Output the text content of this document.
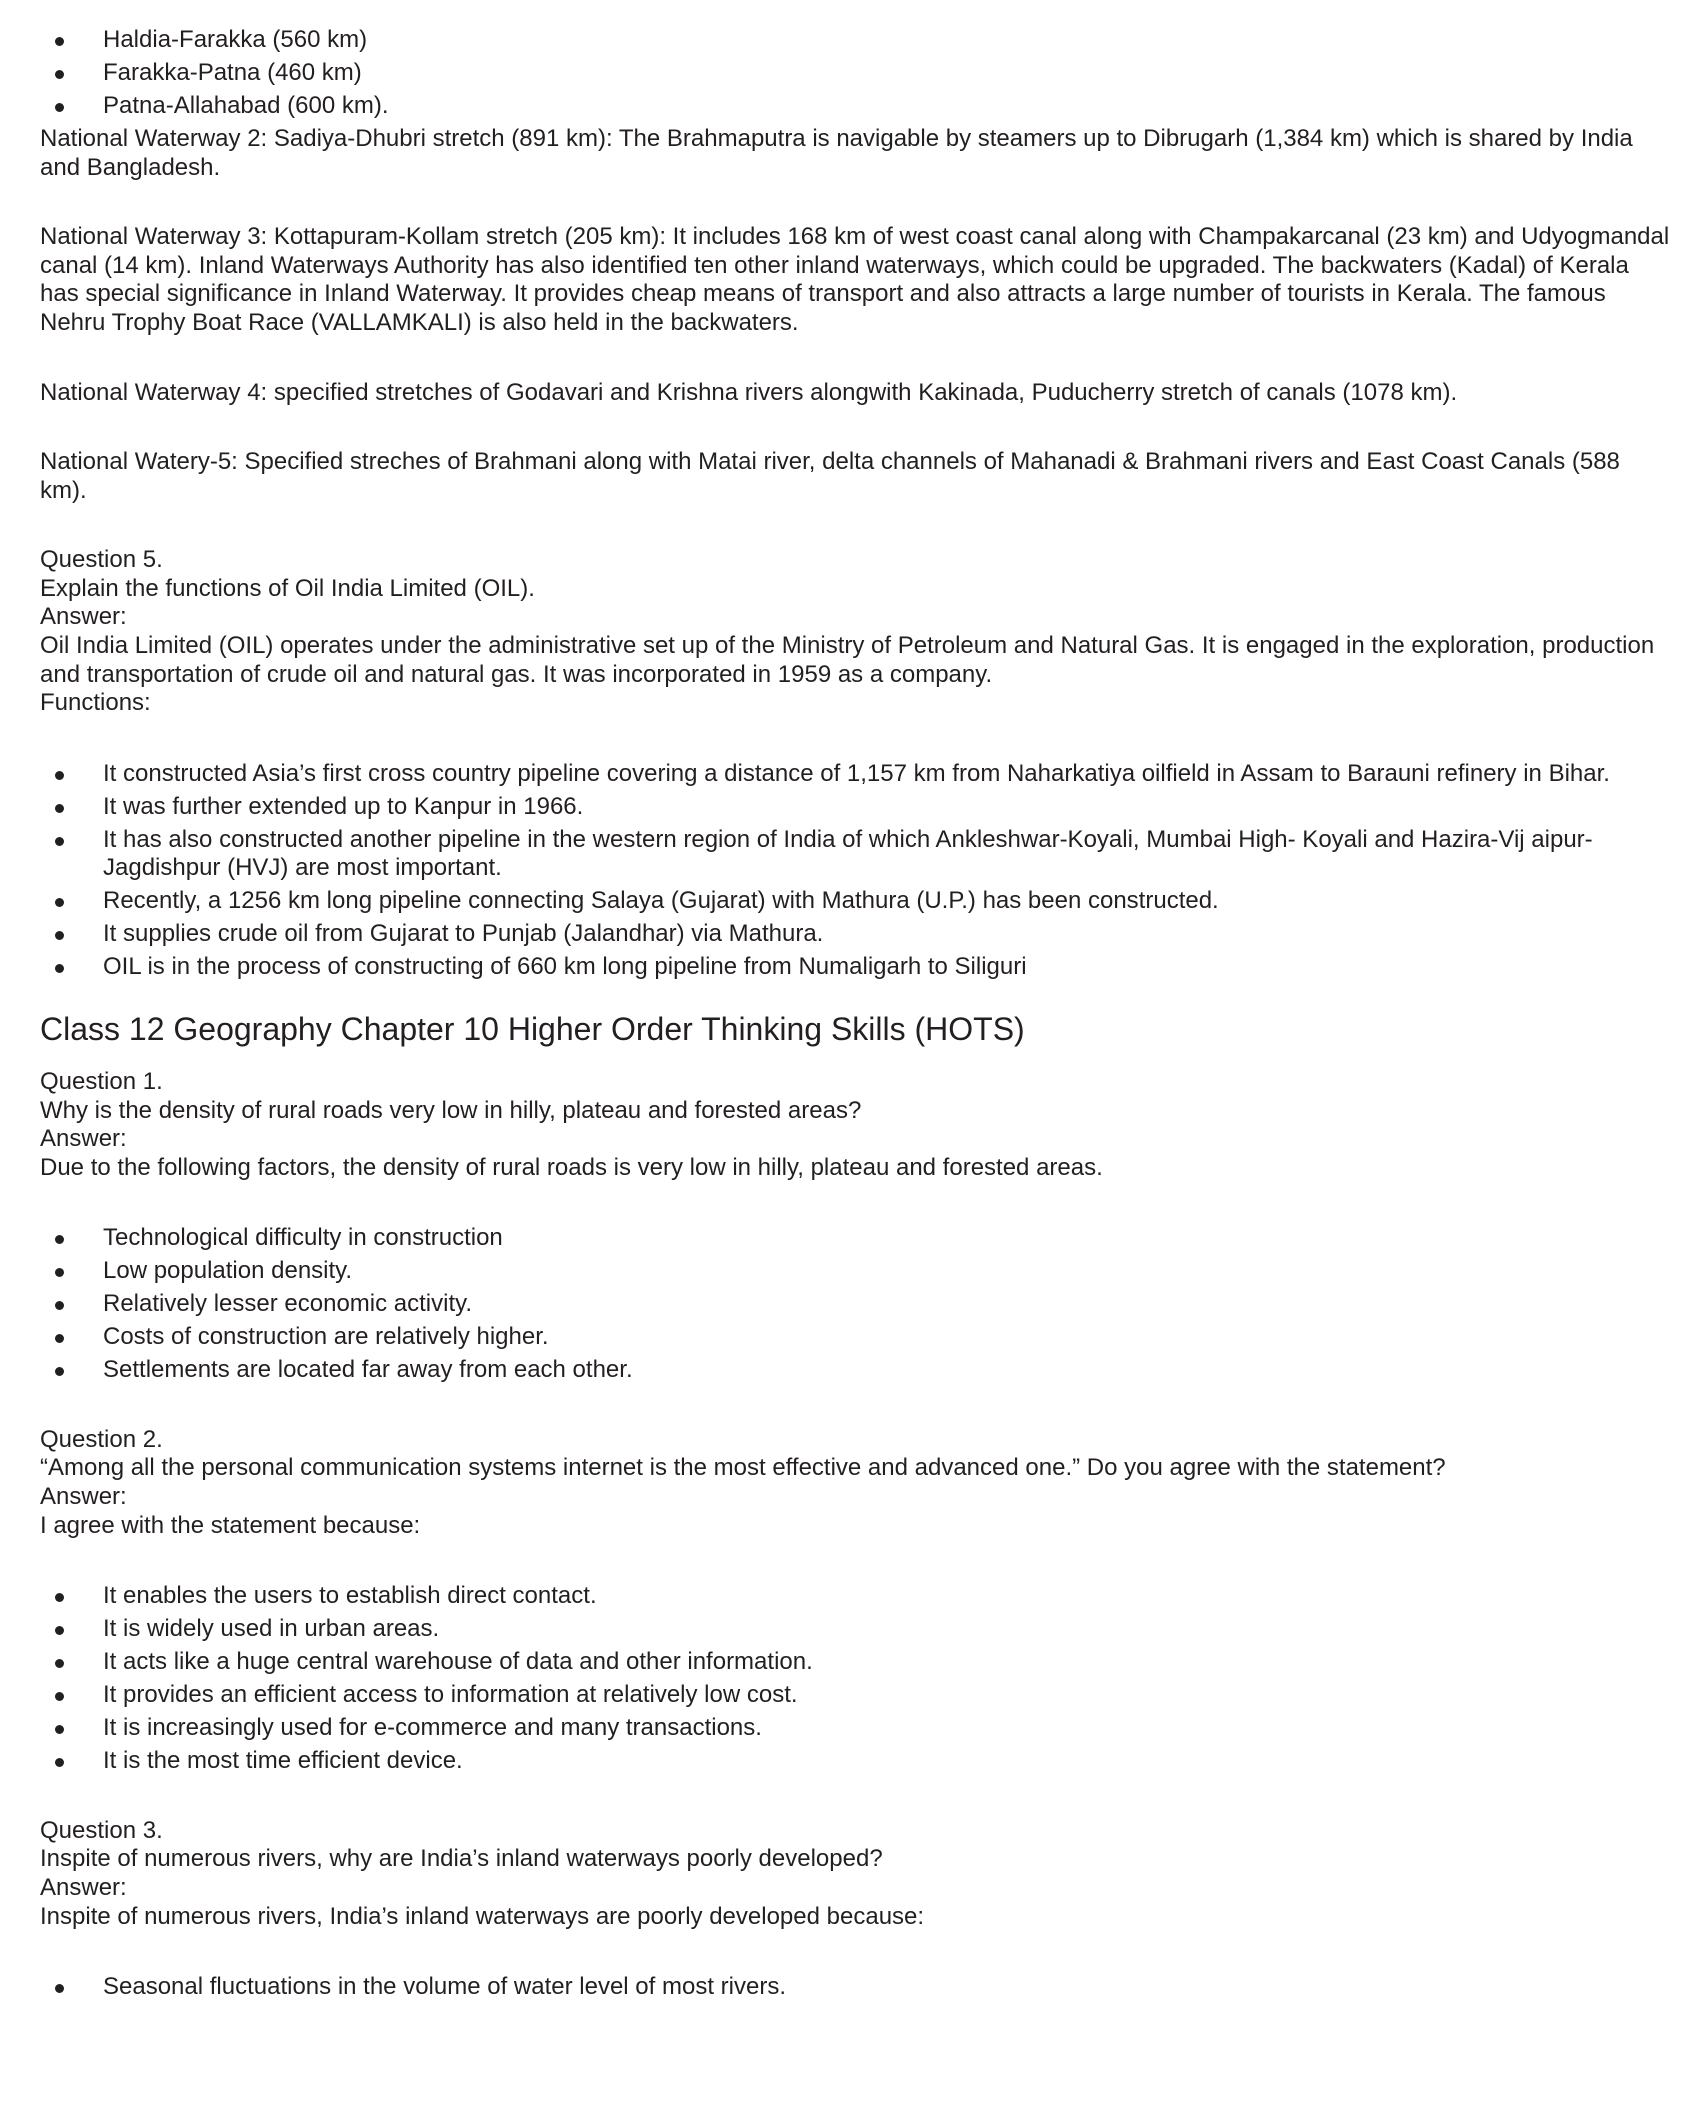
Haldia-Farakka (560 km)
Farakka-Patna (460 km)
Patna-Allahabad (600 km).

National Waterway 2: Sadiya-Dhubri stretch (891 km): The Brahmaputra is navigable by steamers up to Dibrugarh (1,384 km) which is shared by India and Bangladesh.

National Waterway 3: Kottapuram-Kollam stretch (205 km): It includes 168 km of west coast canal along with Champakarcanal (23 km) and Udyogmandal canal (14 km). Inland Waterways Authority has also identified ten other inland waterways, which could be upgraded. The backwaters (Kadal) of Kerala has special significance in Inland Waterway. It provides cheap means of transport and also attracts a large number of tourists in Kerala. The famous Nehru Trophy Boat Race (VALLAMKALI) is also held in the backwaters.

National Waterway 4: specified stretches of Godavari and Krishna rivers alongwith Kakinada, Puducherry stretch of canals (1078 km).

National Watery-5: Specified streches of Brahmani along with Matai river, delta channels of Mahanadi & Brahmani rivers and East Coast Canals (588 km).

Question 5.

Explain the functions of Oil India Limited (OIL).

Answer:

Oil India Limited (OIL) operates under the administrative set up of the Ministry of Petroleum and Natural Gas. It is engaged in the exploration, production and transportation of crude oil and natural gas. It was incorporated in 1959 as a company.

Functions:

It constructed Asia’s first cross country pipeline covering a distance of 1,157 km from Naharkatiya oilfield in Assam to Barauni refinery in Bihar.
It was further extended up to Kanpur in 1966.
It has also constructed another pipeline in the western region of India of which Ankleshwar-Koyali, Mumbai High- Koyali and Hazira-Vij aipur-Jagdishpur (HVJ) are most important.
Recently, a 1256 km long pipeline connecting Salaya (Gujarat) with Mathura (U.P.) has been constructed.
It supplies crude oil from Gujarat to Punjab (Jalandhar) via Mathura.
OIL is in the process of constructing of 660 km long pipeline from Numaligarh to Siliguri
Class 12 Geography Chapter 10 Higher Order Thinking Skills (HOTS)

Question 1.

Why is the density of rural roads very low in hilly, plateau and forested areas?

Answer:

Due to the following factors, the density of rural roads is very low in hilly, plateau and forested areas.

Technological difficulty in construction
Low population density.
Relatively lesser economic activity.
Costs of construction are relatively higher.
Settlements are located far away from each other.

Question 2.

“Among all the personal communication systems internet is the most effective and advanced one.” Do you agree with the statement?

Answer:

I agree with the statement because:

It enables the users to establish direct contact.
It is widely used in urban areas.
It acts like a huge central warehouse of data and other information.
It provides an efficient access to information at relatively low cost.
It is increasingly used for e-commerce and many transactions.
It is the most time efficient device.

Question 3.

Inspite of numerous rivers, why are India’s inland waterways poorly developed?

Answer:

Inspite of numerous rivers, India’s inland waterways are poorly developed because:

Seasonal fluctuations in the volume of water level of most rivers.
